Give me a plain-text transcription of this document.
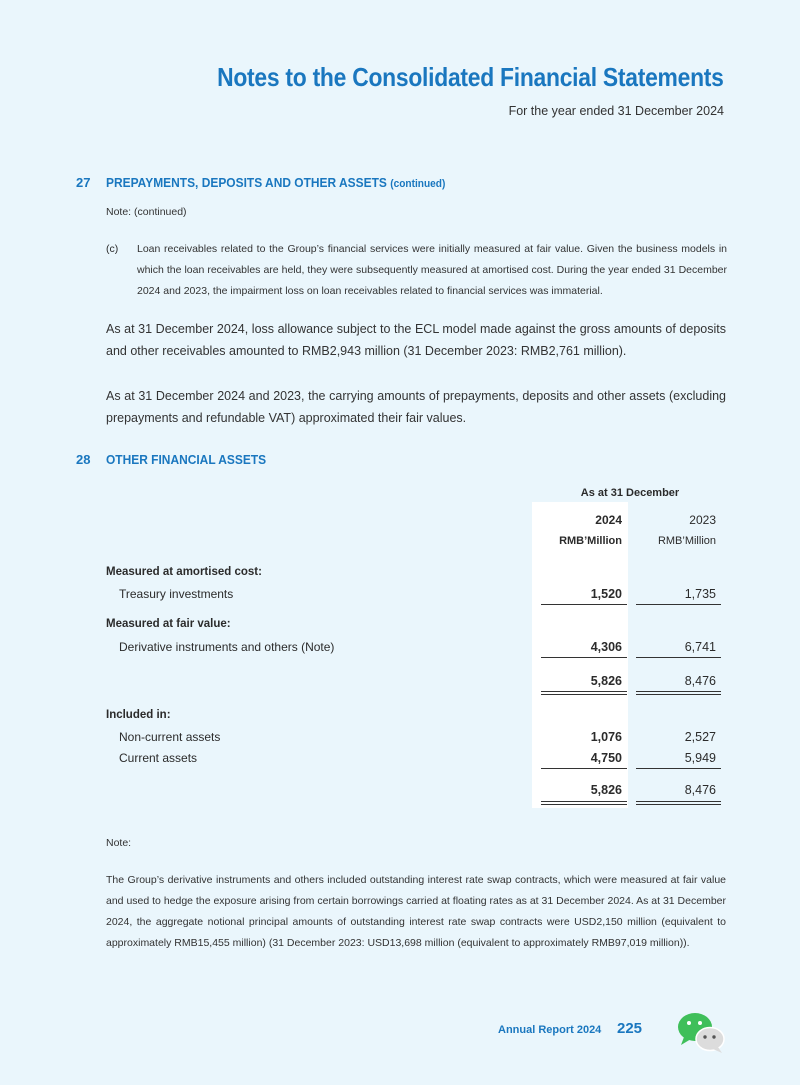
Notes to the Consolidated Financial Statements
For the year ended 31 December 2024
27 PREPAYMENTS, DEPOSITS AND OTHER ASSETS (continued)
Note: (continued)
(c) Loan receivables related to the Group’s financial services were initially measured at fair value. Given the business models in which the loan receivables are held, they were subsequently measured at amortised cost. During the year ended 31 December 2024 and 2023, the impairment loss on loan receivables related to financial services was immaterial.
As at 31 December 2024, loss allowance subject to the ECL model made against the gross amounts of deposits and other receivables amounted to RMB2,943 million (31 December 2023: RMB2,761 million).
As at 31 December 2024 and 2023, the carrying amounts of prepayments, deposits and other assets (excluding prepayments and refundable VAT) approximated their fair values.
28 OTHER FINANCIAL ASSETS
As at 31 December
2024	2023
RMB’Million	RMB’Million
Measured at amortised cost:
Treasury investments	1,520	1,735
Measured at fair value:
Derivative instruments and others (Note)	4,306	6,741
5,826	8,476
Included in:
Non-current assets	1,076	2,527
Current assets	4,750	5,949
5,826	8,476
Note:
The Group’s derivative instruments and others included outstanding interest rate swap contracts, which were measured at fair value and used to hedge the exposure arising from certain borrowings carried at floating rates as at 31 December 2024. As at 31 December 2024, the aggregate notional principal amounts of outstanding interest rate swap contracts were USD2,150 million (equivalent to approximately RMB15,455 million) (31 December 2023: USD13,698 million (equivalent to approximately RMB97,019 million)).
Annual Report 2024 225
